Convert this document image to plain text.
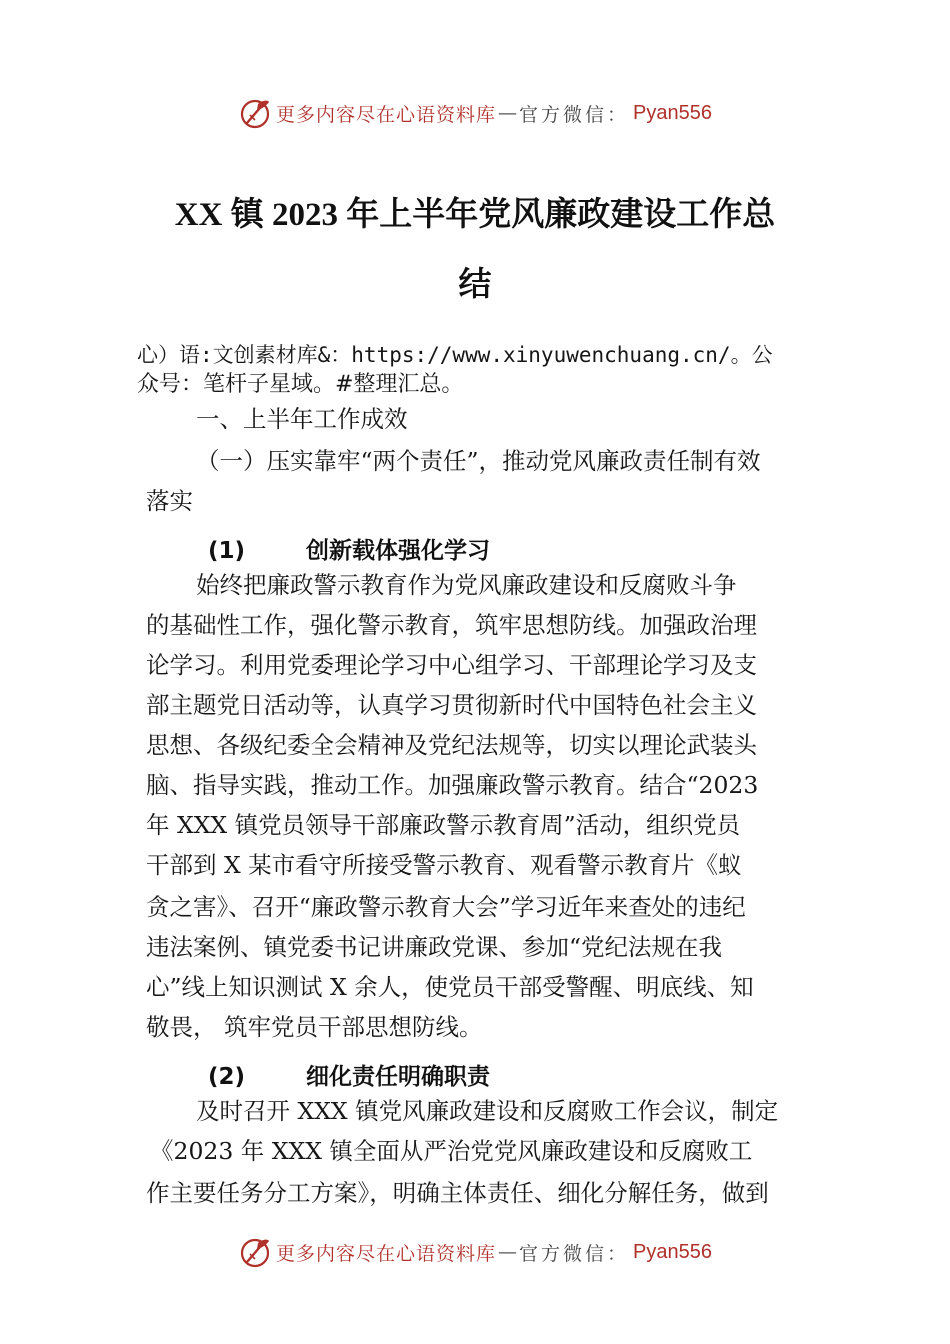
更多内容尽在心语资料库 — 官方微信： Pyan556
XX 镇 2023 年上半年党风廉政建设工作总
结
心）语:文创素材库&：https://www.xinyuwenchuang.cn/。公
众号：笔杆子星域。#整理汇总。
一、上半年工作成效
（一）压实靠牢“两个责任”，推动党风廉政责任制有效
落实
(1)	创新载体强化学习
始终把廉政警示教育作为党风廉政建设和反腐败斗争
的基础性工作，强化警示教育，筑牢思想防线。加强政治理
论学习。利用党委理论学习中心组学习、干部理论学习及支
部主题党日活动等，认真学习贯彻新时代中国特色社会主义
思想、各级纪委全会精神及党纪法规等，切实以理论武装头
脑、指导实践，推动工作。加强廉政警示教育。结合“2023
年 XXX 镇党员领导干部廉政警示教育周”活动，组织党员
干部到 X 某市看守所接受警示教育、观看警示教育片《蚁
贪之害》、召开“廉政警示教育大会”学习近年来查处的违纪
违法案例、镇党委书记讲廉政党课、参加“党纪法规在我
心”线上知识测试 X 余人，使党员干部受警醒、明底线、知
敬畏， 筑牢党员干部思想防线。
(2)	细化责任明确职责
及时召开 XXX 镇党风廉政建设和反腐败工作会议，制定
《2023 年 XXX 镇全面从严治党党风廉政建设和反腐败工
作主要任务分工方案》，明确主体责任、细化分解任务，做到
更多内容尽在心语资料库 — 官方微信： Pyan556
